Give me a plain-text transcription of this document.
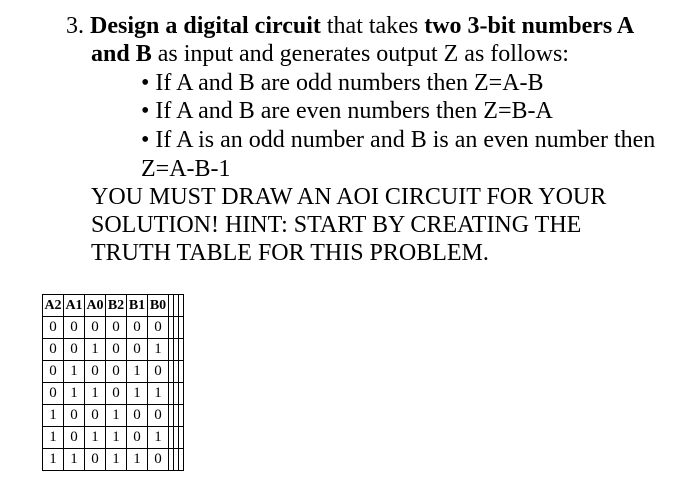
3. Design a digital circuit that takes two 3-bit numbers A
and B as input and generates output Z as follows:
• If A and B are odd numbers then Z=A-B
• If A and B are even numbers then Z=B-A
• If A is an odd number and B is an even number then
Z=A-B-1
YOU MUST DRAW AN AOI CIRCUIT FOR YOUR
SOLUTION! HINT: START BY CREATING THE
TRUTH TABLE FOR THIS PROBLEM.
A2	A1	A0	B2	B1	B0			
0	0	0	0	0	0			
0	0	1	0	0	1			
0	1	0	0	1	0			
0	1	1	0	1	1			
1	0	0	1	0	0			
1	0	1	1	0	1			
1	1	0	1	1	0			
